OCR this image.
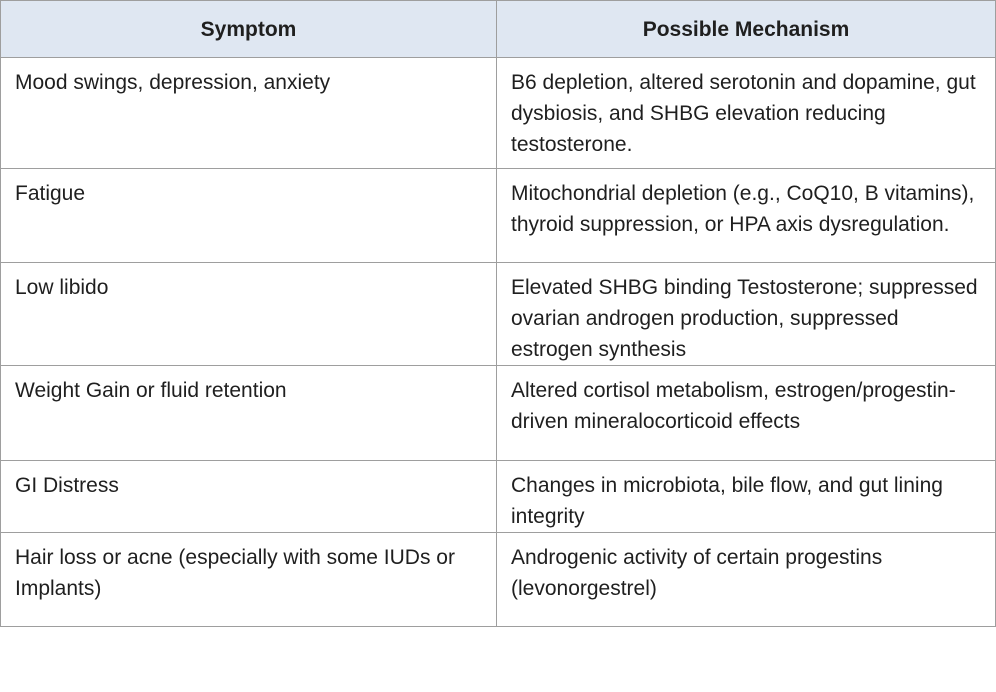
Symptom	Possible Mechanism
Mood swings, depression, anxiety	B6 depletion, altered serotonin and dopamine, gut dysbiosis, and SHBG elevation reducing testosterone.
Fatigue	Mitochondrial depletion (e.g., CoQ10, B vitamins), thyroid suppression, or HPA axis dysregulation.
Low libido	Elevated SHBG binding Testosterone; suppressed ovarian androgen production, suppressed estrogen synthesis
Weight Gain or fluid retention	Altered cortisol metabolism, estrogen/progestin- driven mineralocorticoid effects
GI Distress	Changes in microbiota, bile flow, and gut lining integrity
Hair loss or acne (especially with some IUDs or Implants)	Androgenic activity of certain progestins (levonorgestrel)
